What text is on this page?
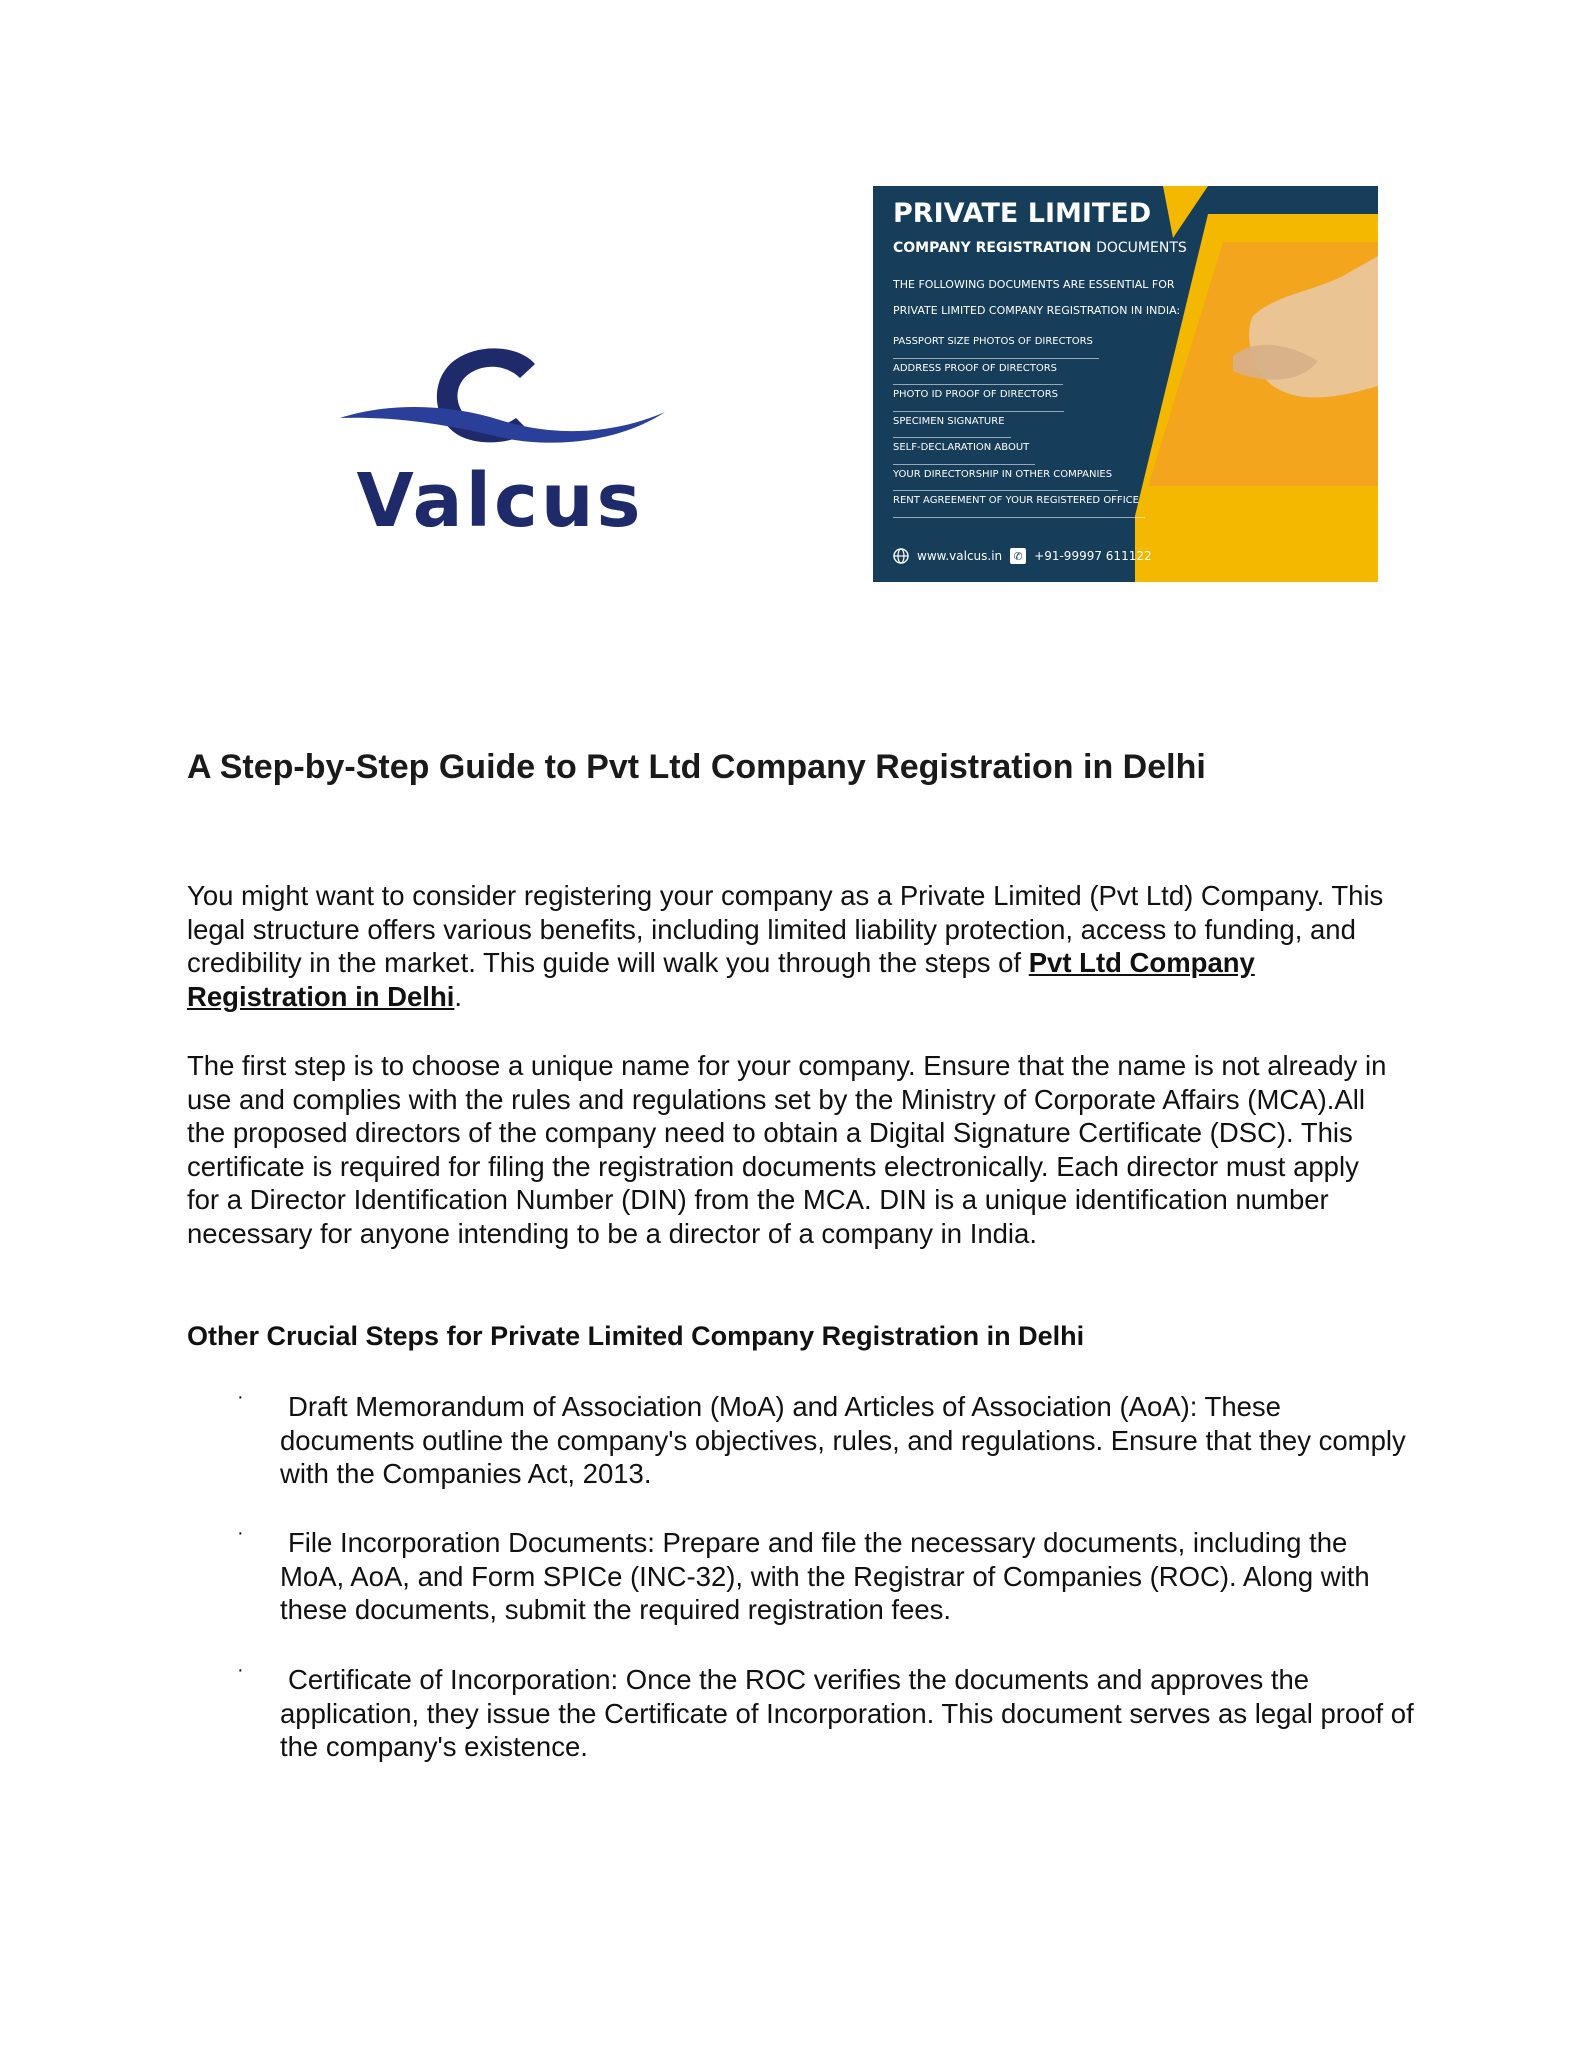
Valcus
PRIVATE LIMITED
COMPANY REGISTRATION DOCUMENTS
THE FOLLOWING DOCUMENTS ARE ESSENTIAL FOR PRIVATE LIMITED COMPANY REGISTRATION IN INDIA:
PASSPORT SIZE PHOTOS OF DIRECTORS
ADDRESS PROOF OF DIRECTORS
PHOTO ID PROOF OF DIRECTORS
SPECIMEN SIGNATURE
SELF-DECLARATION ABOUT
YOUR DIRECTORSHIP IN OTHER COMPANIES
RENT AGREEMENT OF YOUR REGISTERED OFFICE
www.valcus.in	✆ +91-99997 611122
A Step-by-Step Guide to Pvt Ltd Company Registration in Delhi

You might want to consider registering your company as a Private Limited (Pvt Ltd) Company. This legal structure offers various benefits, including limited liability protection, access to funding, and credibility in the market. This guide will walk you through the steps of Pvt Ltd Company Registration in Delhi.

The first step is to choose a unique name for your company. Ensure that the name is not already in use and complies with the rules and regulations set by the Ministry of Corporate Affairs (MCA).All the proposed directors of the company need to obtain a Digital Signature Certificate (DSC). This certificate is required for filing the registration documents electronically. Each director must apply for a Director Identification Number (DIN) from the MCA. DIN is a unique identification number necessary for anyone intending to be a director of a company in India.

Other Crucial Steps for Private Limited Company Registration in Delhi
· Draft Memorandum of Association (MoA) and Articles of Association (AoA): These documents outline the company's objectives, rules, and regulations. Ensure that they comply with the Companies Act, 2013.

· File Incorporation Documents: Prepare and file the necessary documents, including the MoA, AoA, and Form SPICe (INC-32), with the Registrar of Companies (ROC). Along with these documents, submit the required registration fees.

· Certificate of Incorporation: Once the ROC verifies the documents and approves the application, they issue the Certificate of Incorporation. This document serves as legal proof of the company's existence.
